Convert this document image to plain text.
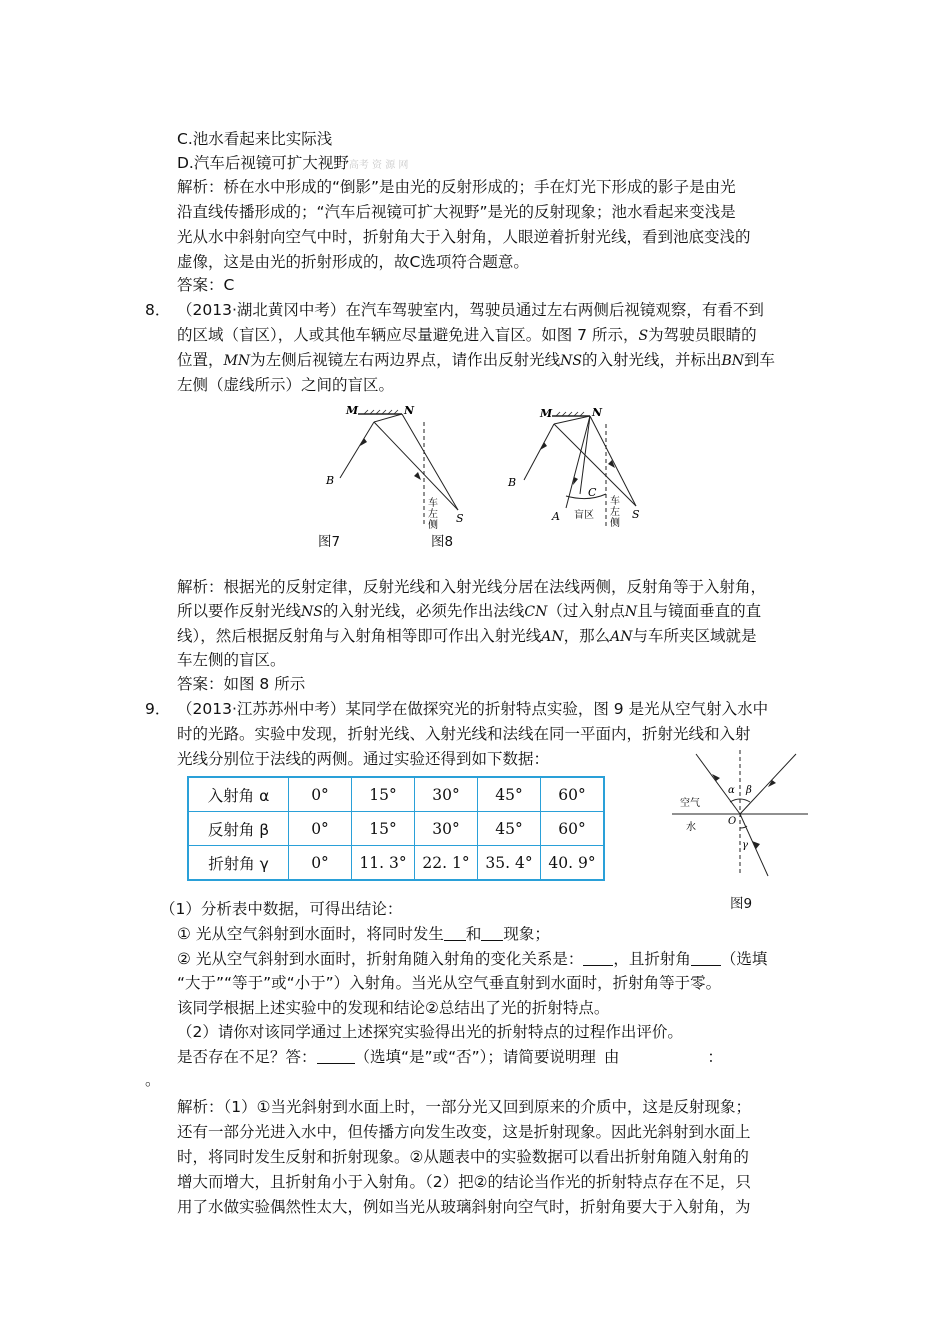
C.池水看起来比实际浅
D.汽车后视镜可扩大视野高考 资 源 网
解析：桥在水中形成的“倒影”是由光的反射形成的；手在灯光下形成的影子是由光
沿直线传播形成的；“汽车后视镜可扩大视野”是光的反射现象；池水看起来变浅是
光从水中斜射向空气中时，折射角大于入射角，人眼逆着折射光线，看到池底变浅的
虚像，这是由光的折射形成的，故C选项符合题意。
答案：C
8． （2013·湖北黄冈中考）在汽车驾驶室内，驾驶员通过左右两侧后视镜观察，有看不到
的区域（盲区），人或其他车辆应尽量避免进入盲区。如图 7 所示，S为驾驶员眼睛的
位置，MN为左侧后视镜左右两边界点，请作出反射光线NS的入射光线，并标出BN到车
左侧（虚线所示）之间的盲区。
M	N
B
S
车
左
侧
M	N
B
S
A
C
盲区
车
左
侧
图7	图8
解析：根据光的反射定律，反射光线和入射光线分居在法线两侧，反射角等于入射角，
所以要作反射光线NS的入射光线，必须先作出法线CN（过入射点N且与镜面垂直的直
线），然后根据反射角与入射角相等即可作出入射光线AN，那么AN与车所夹区域就是
车左侧的盲区。
答案：如图 8 所示
9． （2013·江苏苏州中考）某同学在做探究光的折射特点实验，图 9 是光从空气射入水中
时的光路。实验中发现，折射光线、入射光线和法线在同一平面内，折射光线和入射
光线分别位于法线的两侧。通过实验还得到如下数据：
入射角 α	0°	15°	30°	45°	60°
反射角 β	0°	15°	30°	45°	60°
折射角 γ	0°	11. 3°	22. 1°	35. 4°	40. 9°
空气
水
O
α β
γ
图9
（1）分析表中数据，可得出结论：
① 光从空气斜射到水面时，将同时发生 和 现象；
② 光从空气斜射到水面时，折射角随入射角的变化关系是： ，且折射角 （选填
“大于”“等于”或“小于”）入射角。当光从空气垂直射到水面时，折射角等于零。
该同学根据上述实验中的发现和结论②总结出了光的折射特点。
（2）请你对该同学通过上述探究实验得出光的折射特点的过程作出评价。
是否存在不足？答： （选填“是”或“否”）；请简要说明理 由	：
。
解析：（1）①当光斜射到水面上时，一部分光又回到原来的介质中，这是反射现象；
还有一部分光进入水中，但传播方向发生改变，这是折射现象。因此光斜射到水面上
时，将同时发生反射和折射现象。②从题表中的实验数据可以看出折射角随入射角的
增大而增大，且折射角小于入射角。（2）把②的结论当作光的折射特点存在不足，只
用了水做实验偶然性太大，例如当光从玻璃斜射向空气时，折射角要大于入射角，为
